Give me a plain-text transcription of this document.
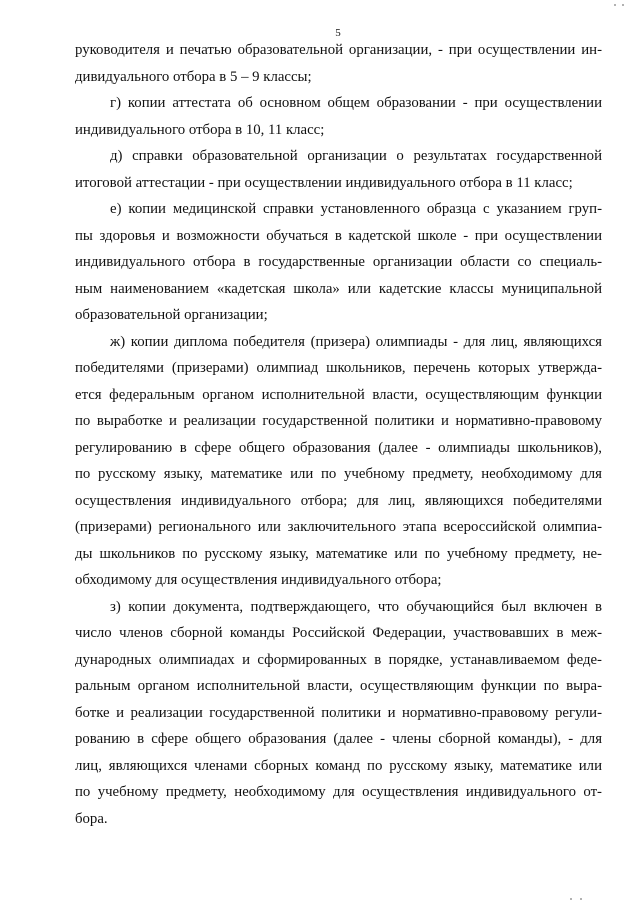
5
руководителя и печатью образовательной организации, - при осуществлении ин-
дивидуального отбора в 5 – 9 классы;
г) копии аттестата об основном общем образовании - при осуществлении
индивидуального отбора в 10, 11 класс;
д) справки образовательной организации о результатах государственной
итоговой аттестации - при осуществлении индивидуального отбора в 11 класс;
е) копии медицинской справки установленного образца с указанием груп-
пы здоровья и возможности обучаться в кадетской школе - при осуществлении
индивидуального отбора в государственные организации области со специаль-
ным наименованием «кадетская школа» или кадетские классы муниципальной
образовательной организации;
ж) копии диплома победителя (призера) олимпиады - для лиц, являющихся
победителями (призерами) олимпиад школьников, перечень которых утвержда-
ется федеральным органом исполнительной власти, осуществляющим функции
по выработке и реализации государственной политики и нормативно-правовому
регулированию в сфере общего образования (далее - олимпиады школьников),
по русскому языку, математике или по учебному предмету, необходимому для
осуществления индивидуального отбора; для лиц, являющихся победителями
(призерами) регионального или заключительного этапа всероссийской олимпиа-
ды школьников по русскому языку, математике или по учебному предмету, не-
обходимому для осуществления индивидуального отбора;
з) копии документа, подтверждающего, что обучающийся был включен в
число членов сборной команды Российской Федерации, участвовавших в меж-
дународных олимпиадах и сформированных в порядке, устанавливаемом феде-
ральным органом исполнительной власти, осуществляющим функции по выра-
ботке и реализации государственной политики и нормативно-правовому регули-
рованию в сфере общего образования (далее - члены сборной команды), - для
лиц, являющихся членами сборных команд по русскому языку, математике или
по учебному предмету, необходимому для осуществления индивидуального от-
бора.
